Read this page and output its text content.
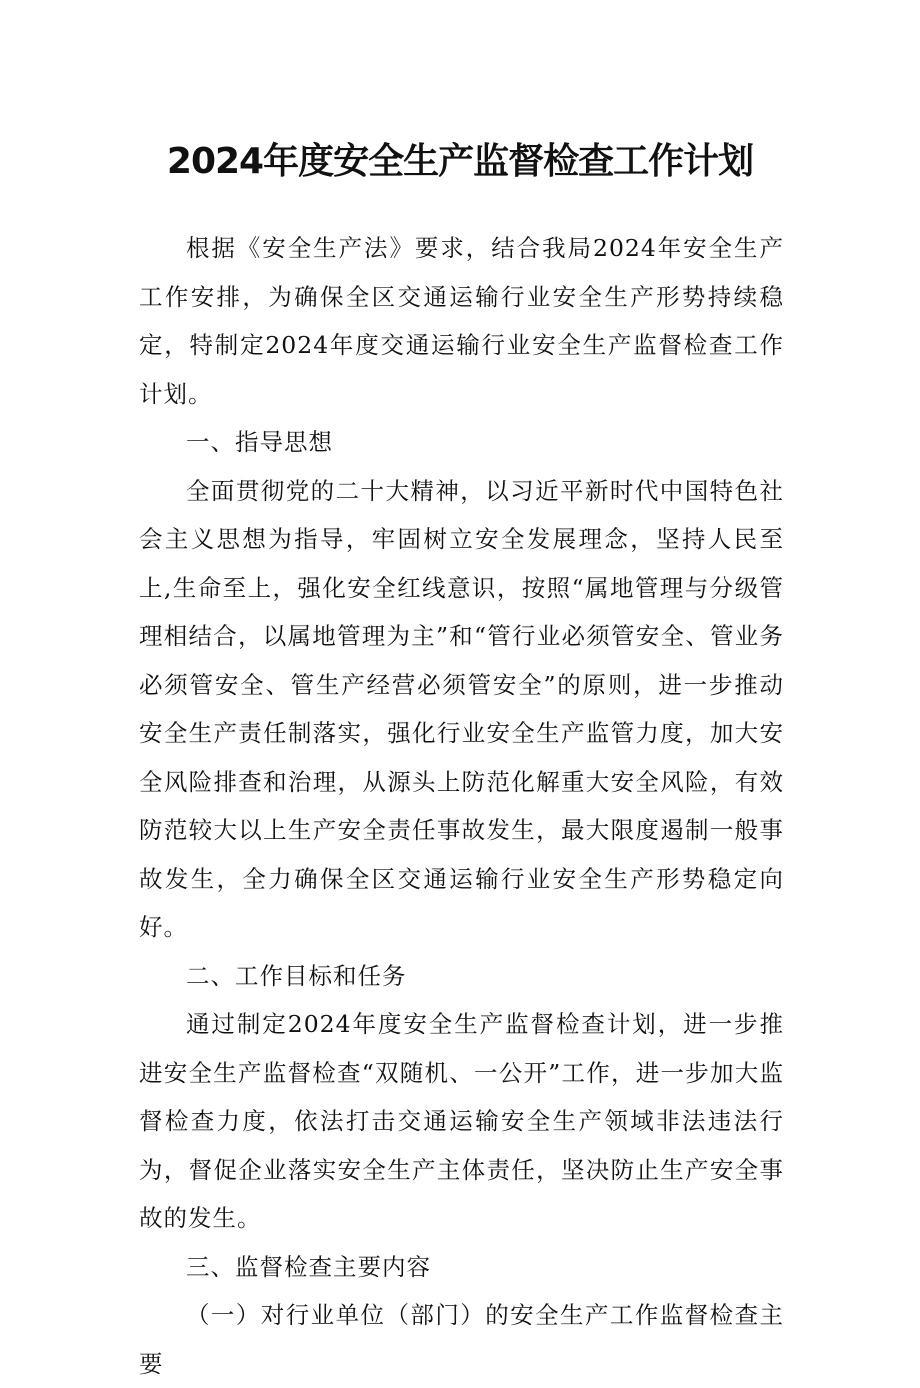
2024年度安全生产监督检查工作计划

根据《安全生产法》要求，结合我局2024年安全生产工作安排，为确保全区交通运输行业安全生产形势持续稳定，特制定2024年度交通运输行业安全生产监督检查工作计划。

一、指导思想

全面贯彻党的二十大精神，以习近平新时代中国特色社会主义思想为指导，牢固树立安全发展理念，坚持人民至上,生命至上，强化安全红线意识，按照“属地管理与分级管理相结合，以属地管理为主”和“管行业必须管安全、管业务必须管安全、管生产经营必须管安全”的原则，进一步推动安全生产责任制落实，强化行业安全生产监管力度，加大安全风险排查和治理，从源头上防范化解重大安全风险，有效防范较大以上生产安全责任事故发生，最大限度遏制一般事故发生，全力确保全区交通运输行业安全生产形势稳定向好。

二、工作目标和任务

通过制定2024年度安全生产监督检查计划，进一步推进安全生产监督检查“双随机、一公开”工作，进一步加大监督检查力度，依法打击交通运输安全生产领域非法违法行为，督促企业落实安全生产主体责任，坚决防止生产安全事故的发生。

三、监督检查主要内容

（一）对行业单位（部门）的安全生产工作监督检查主要
